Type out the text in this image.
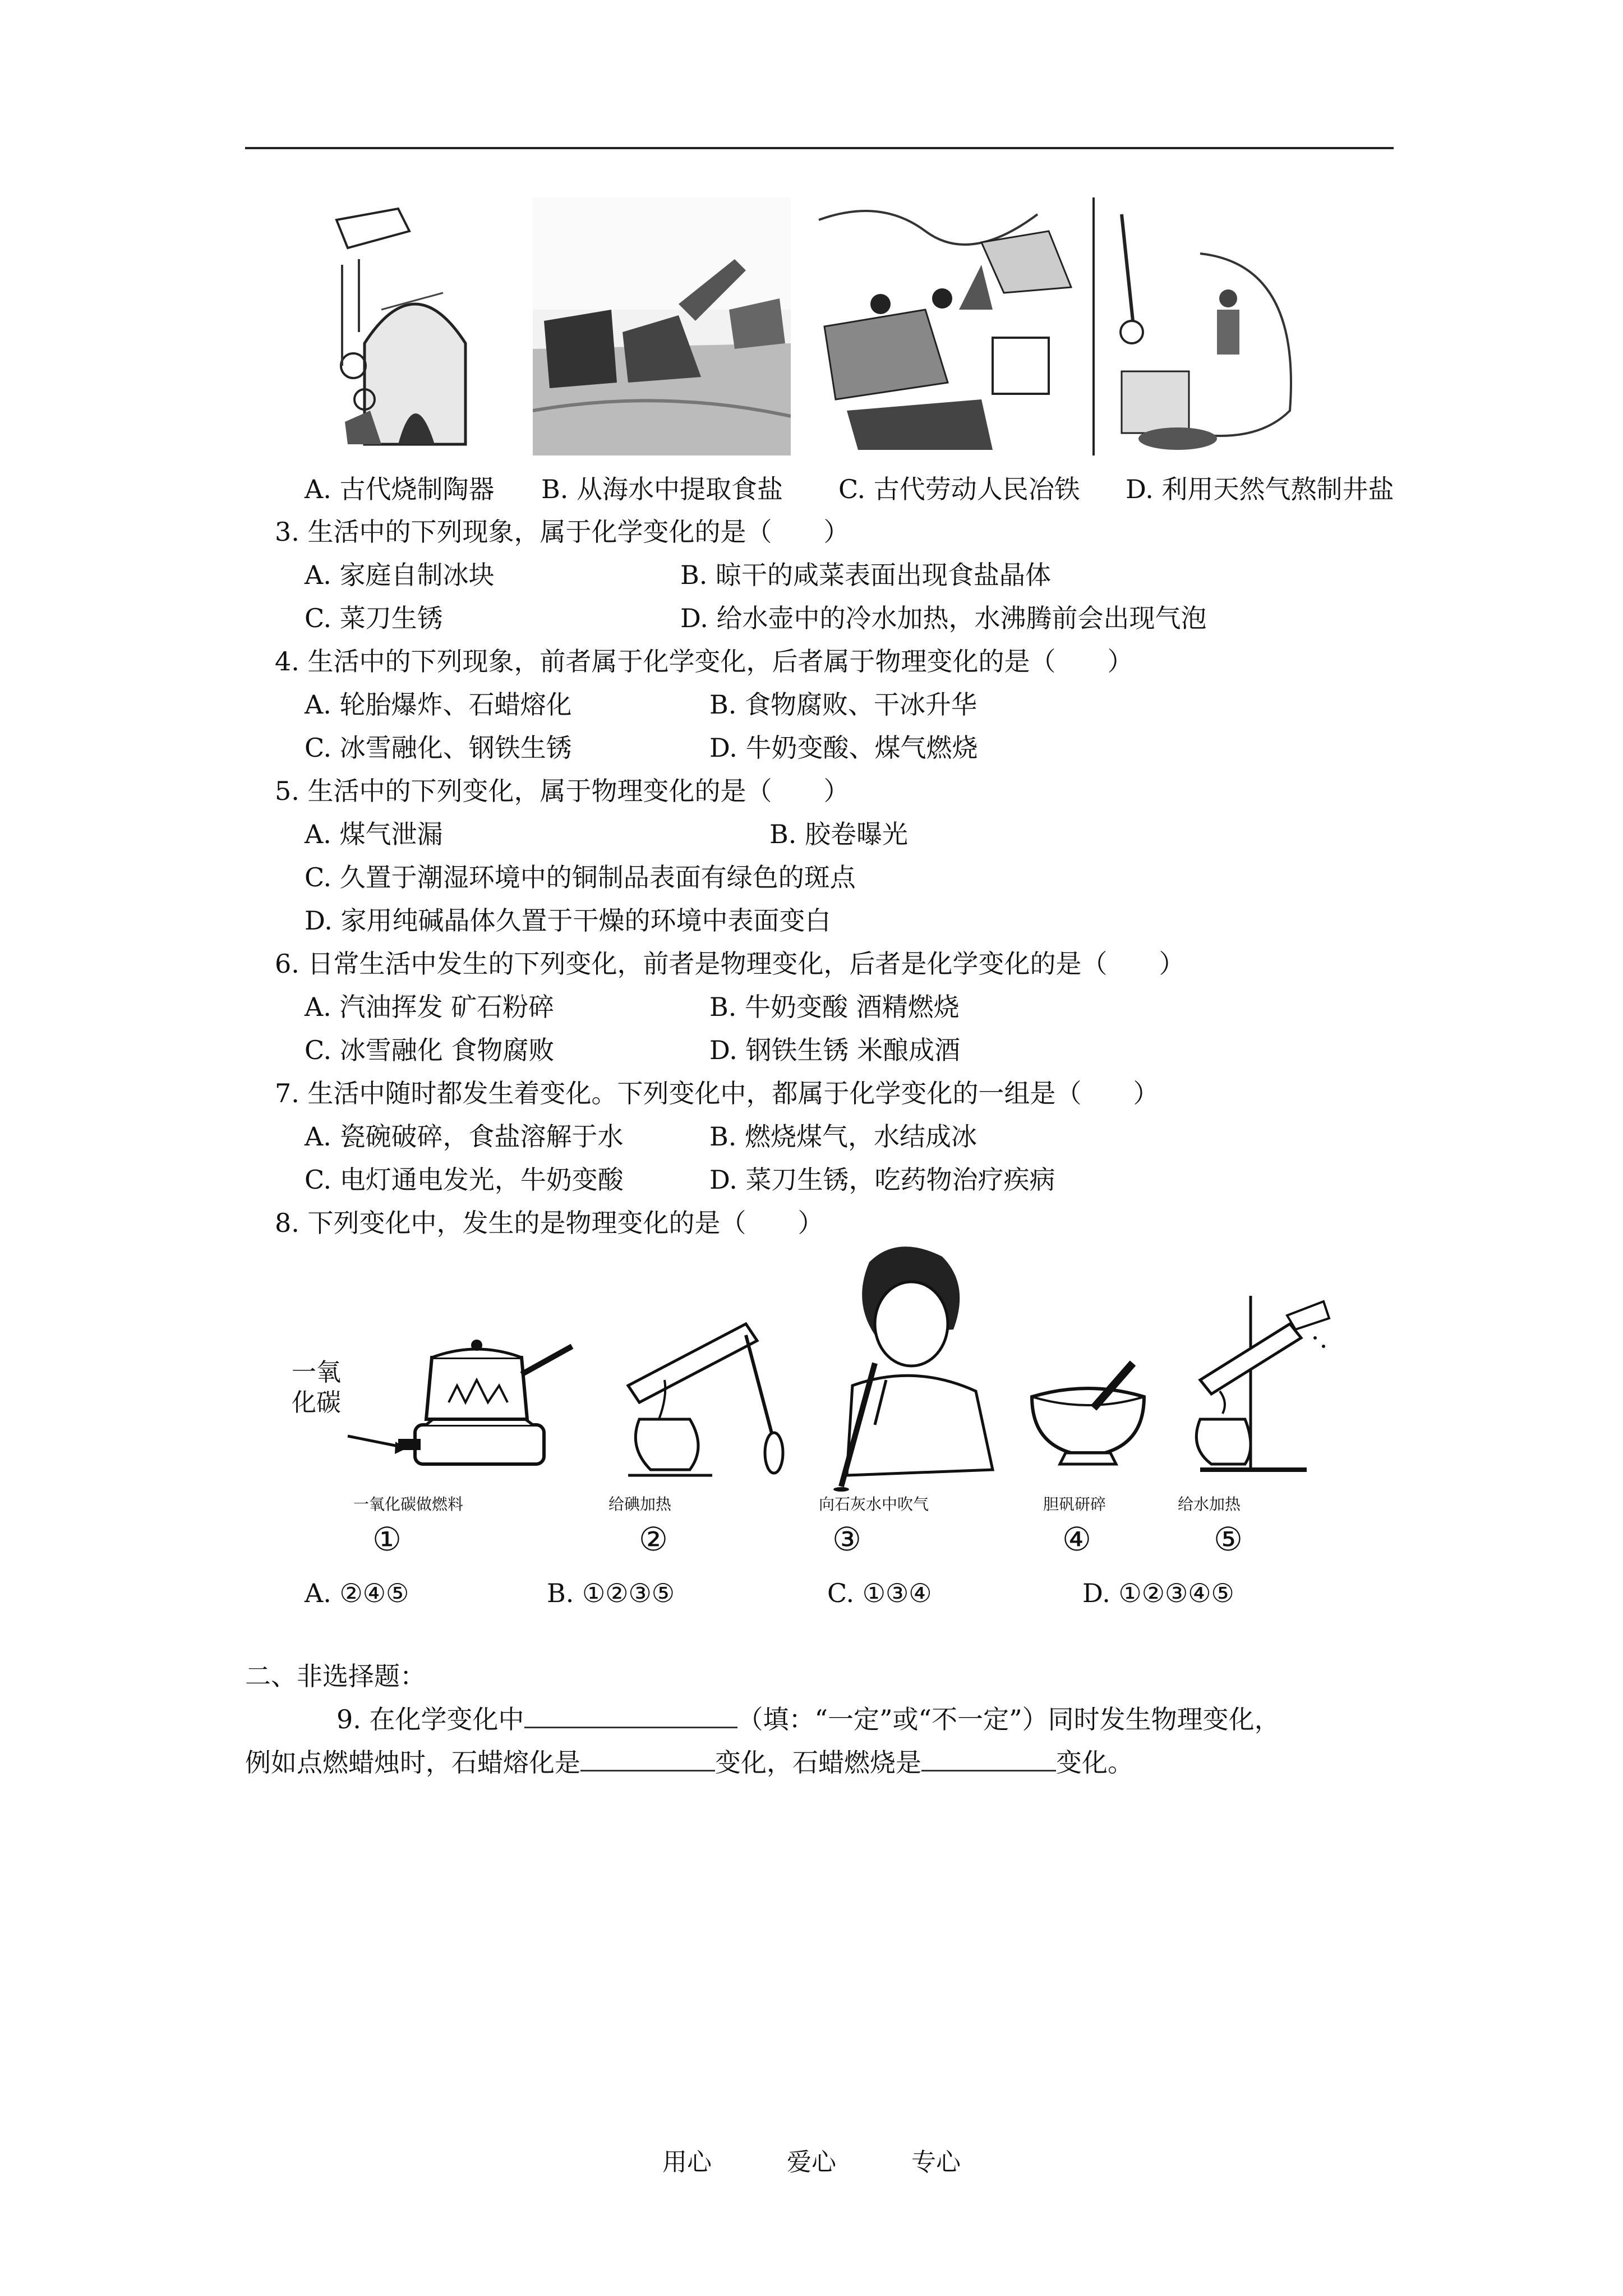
A. 古代烧制陶器 B. 从海水中提取食盐 C. 古代劳动人民冶铁 D. 利用天然气熬制井盐
3. 生活中的下列现象，属于化学变化的是（　　）
A. 家庭自制冰块	B. 晾干的咸菜表面出现食盐晶体
C. 菜刀生锈	D. 给水壶中的冷水加热，水沸腾前会出现气泡
4. 生活中的下列现象，前者属于化学变化，后者属于物理变化的是（　　）
A. 轮胎爆炸、石蜡熔化	B. 食物腐败、干冰升华
C. 冰雪融化、钢铁生锈	D. 牛奶变酸、煤气燃烧
5. 生活中的下列变化，属于物理变化的是（　　）
A. 煤气泄漏	B. 胶卷曝光
C. 久置于潮湿环境中的铜制品表面有绿色的斑点
D. 家用纯碱晶体久置于干燥的环境中表面变白
6. 日常生活中发生的下列变化，前者是物理变化，后者是化学变化的是（　　）
A. 汽油挥发 矿石粉碎	B. 牛奶变酸 酒精燃烧
C. 冰雪融化 食物腐败	D. 钢铁生锈 米酿成酒
7. 生活中随时都发生着变化。下列变化中，都属于化学变化的一组是（　　）
A. 瓷碗破碎，食盐溶解于水	B. 燃烧煤气，水结成冰
C. 电灯通电发光，牛奶变酸	D. 菜刀生锈，吃药物治疗疾病
8. 下列变化中，发生的是物理变化的是（　　）
一氧化碳
一氧化碳做燃料	给碘加热	向石灰水中吹气	胆矾研碎	给水加热
①	②	③	④	⑤
A. ②④⑤	B. ①②③⑤	C. ①③④	D. ①②③④⑤
二、非选择题：
9. 在化学变化中	（填：“一定”或“不一定”）同时发生物理变化，
例如点燃蜡烛时，石蜡熔化是	变化，石蜡燃烧是	变化。
用心	爱心	专心
